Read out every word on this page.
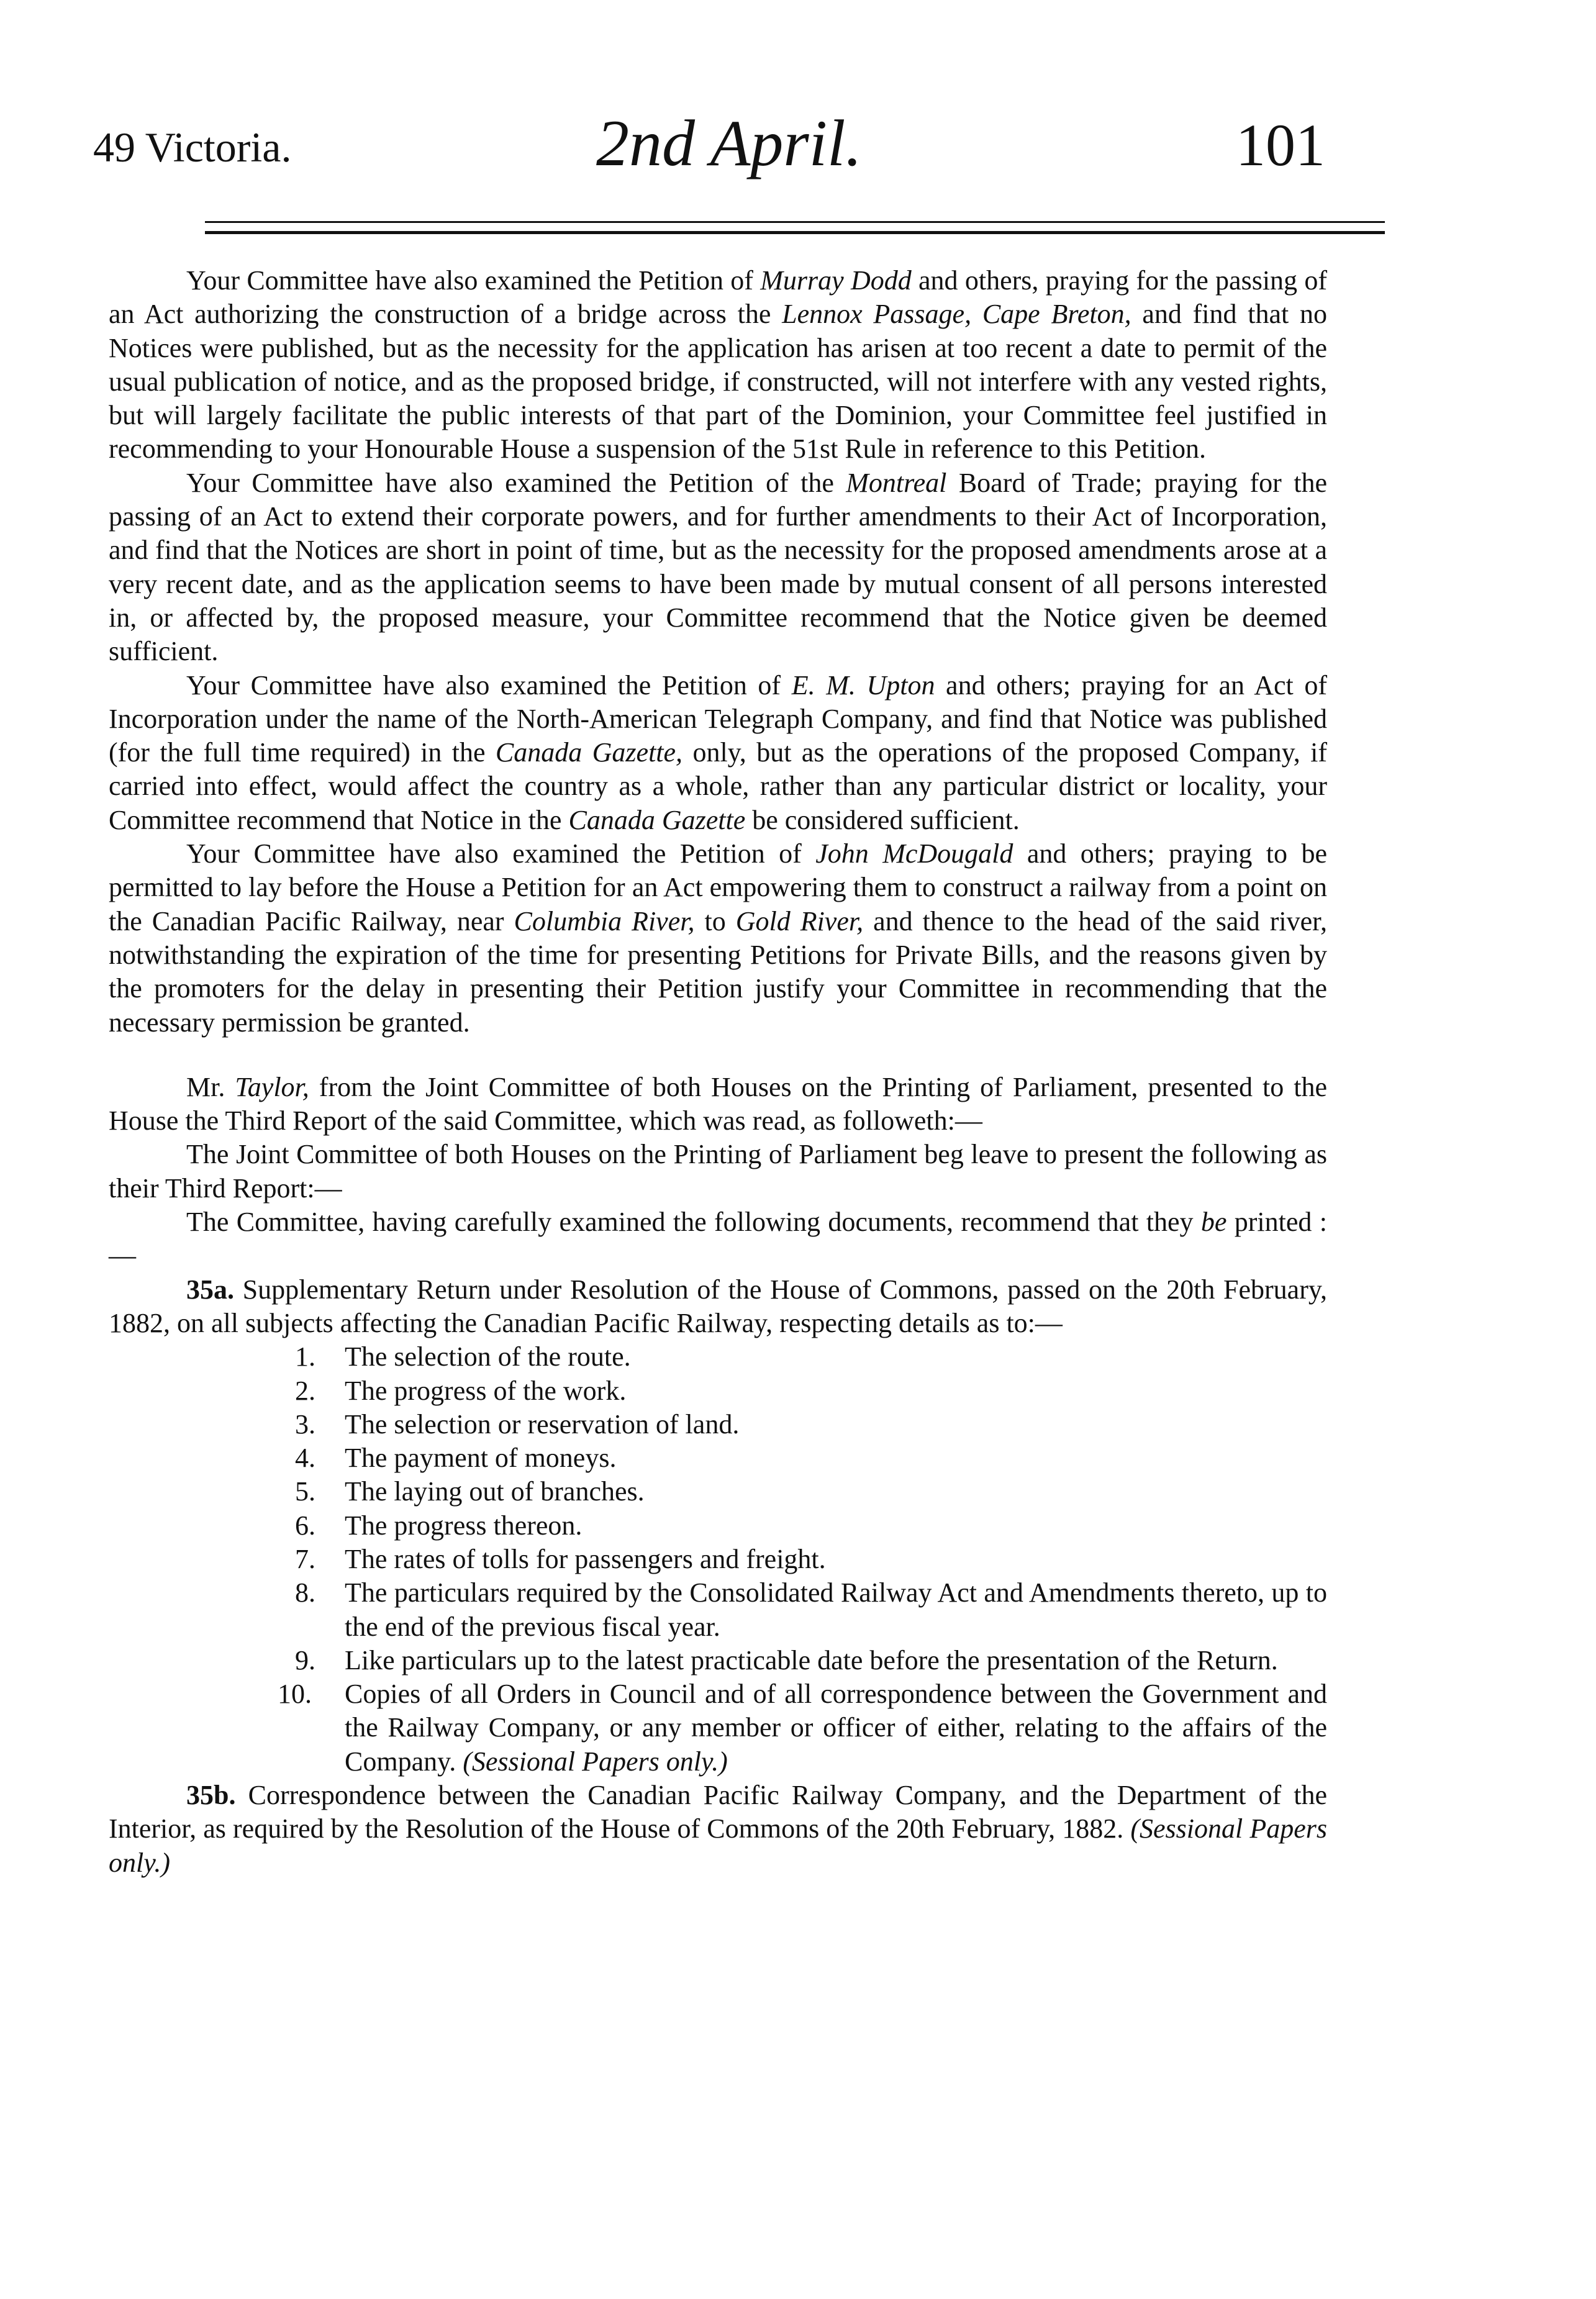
49 Victoria.	2nd April.	101

Your Committee have also examined the Petition of Murray Dodd and others, praying for the passing of an Act authorizing the construction of a bridge across the Lennox Passage, Cape Breton, and find that no Notices were published, but as the necessity for the application has arisen at too recent a date to permit of the usual publication of notice, and as the proposed bridge, if constructed, will not interfere with any vested rights, but will largely facilitate the public interests of that part of the Dominion, your Committee feel justified in recommending to your Honourable House a suspension of the 51st Rule in reference to this Petition.

Your Committee have also examined the Petition of the Montreal Board of Trade; praying for the passing of an Act to extend their corporate powers, and for further amendments to their Act of Incorporation, and find that the Notices are short in point of time, but as the necessity for the proposed amendments arose at a very recent date, and as the application seems to have been made by mutual consent of all persons interested in, or affected by, the proposed measure, your Committee recommend that the Notice given be deemed sufficient.

Your Committee have also examined the Petition of E. M. Upton and others; praying for an Act of Incorporation under the name of the North-American Telegraph Company, and find that Notice was published (for the full time required) in the Canada Gazette, only, but as the operations of the proposed Company, if carried into effect, would affect the country as a whole, rather than any particular district or locality, your Committee recommend that Notice in the Canada Gazette be considered sufficient.

Your Committee have also examined the Petition of John McDougald and others; praying to be permitted to lay before the House a Petition for an Act empowering them to construct a railway from a point on the Canadian Pacific Railway, near Columbia River, to Gold River, and thence to the head of the said river, notwithstanding the expiration of the time for presenting Petitions for Private Bills, and the reasons given by the promoters for the delay in presenting their Petition justify your Committee in recommending that the necessary permission be granted.

Mr. Taylor, from the Joint Committee of both Houses on the Printing of Parliament, presented to the House the Third Report of the said Committee, which was read, as followeth:—

The Joint Committee of both Houses on the Printing of Parliament beg leave to present the following as their Third Report:—

The Committee, having carefully examined the following documents, recommend that they be printed :—

35a. Supplementary Return under Resolution of the House of Commons, passed on the 20th February, 1882, on all subjects affecting the Canadian Pacific Railway, respecting details as to:—

1.	The selection of the route.
2.	The progress of the work.
3.	The selection or reservation of land.
4.	The payment of moneys.
5.	The laying out of branches.
6.	The progress thereon.
7.	The rates of tolls for passengers and freight.
8.	The particulars required by the Consolidated Railway Act and Amendments thereto, up to the end of the previous fiscal year.
9.	Like particulars up to the latest practicable date before the presentation of the Return.
10.	Copies of all Orders in Council and of all correspondence between the Government and the Railway Company, or any member or officer of either, relating to the affairs of the Company. (Sessional Papers only.)

35b. Correspondence between the Canadian Pacific Railway Company, and the Department of the Interior, as required by the Resolution of the House of Commons of the 20th February, 1882. (Sessional Papers only.)
